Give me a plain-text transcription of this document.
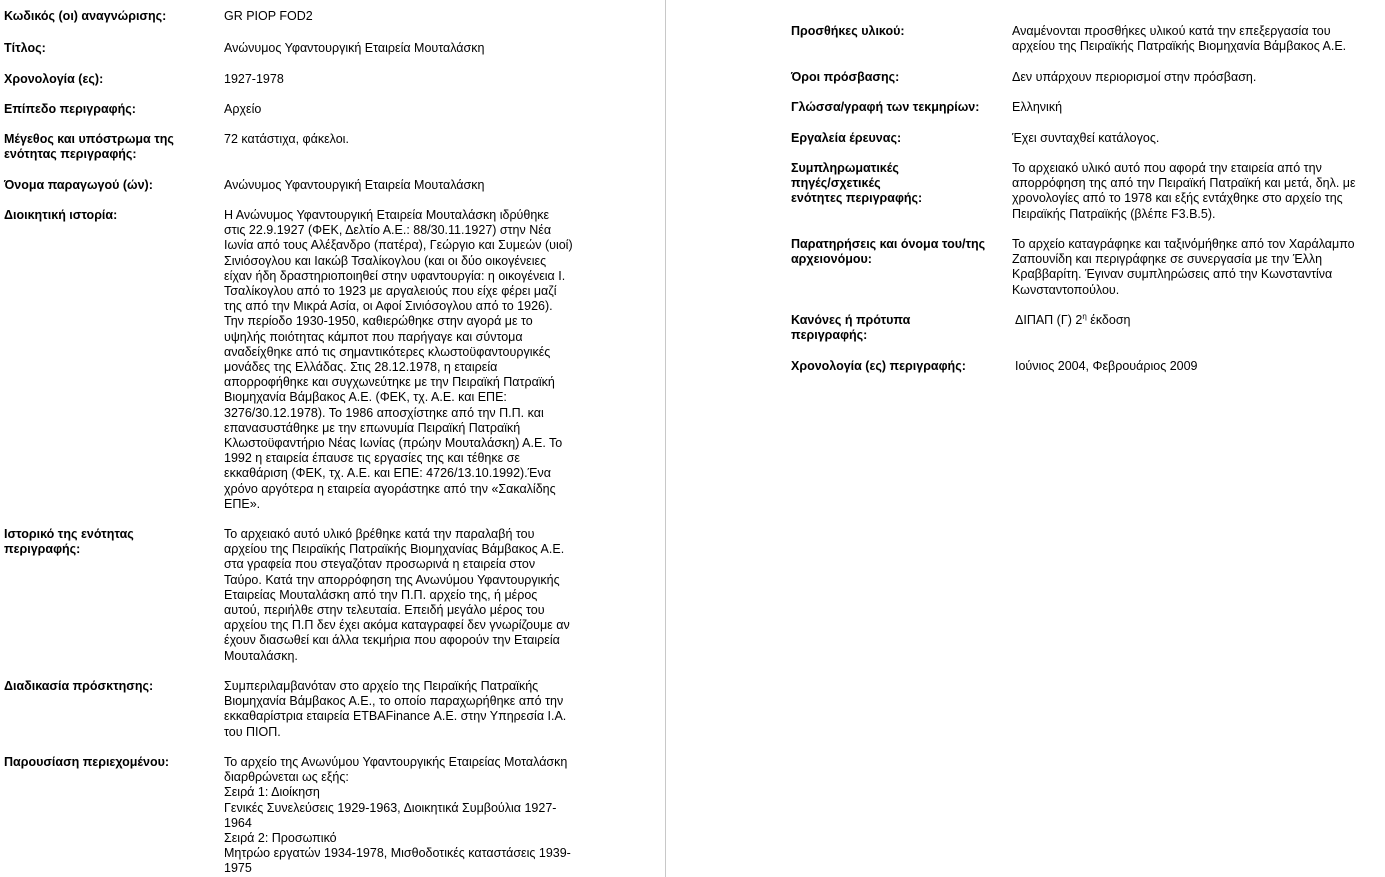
Κωδικός (οι) αναγνώρισης:	GR PIOP FOD2
Τίτλος:	Ανώνυμος Υφαντουργική Εταιρεία Μουταλάσκη
Χρονολογία (ες):	1927-1978
Επίπεδο περιγραφής:	Αρχείο
Μέγεθος και υπόστρωμα της
ενότητας περιγραφής:
72 κατάστιχα, φάκελοι.
Όνομα παραγωγού (ών):	Ανώνυμος Υφαντουργική Εταιρεία Μουταλάσκη
Διοικητική ιστορία:	Η Ανώνυμος Υφαντουργική Εταιρεία Μουταλάσκη ιδρύθηκε
στις 22.9.1927 (ΦΕΚ, Δελτίο Α.Ε.: 88/30.11.1927) στην Νέα
Ιωνία από τους Αλέξανδρο (πατέρα), Γεώργιο και Συμεών (υιοί)
Σινιόσογλου και Ιακώβ Τσαλίκογλου (και οι δύο οικογένειες
είχαν ήδη δραστηριοποιηθεί στην υφαντουργία: η οικογένεια Ι.
Τσαλίκογλου από το 1923 με αργαλειούς που είχε φέρει μαζί
της από την Μικρά Ασία, οι Αφοί Σινιόσογλου από το 1926).
Την περίοδο 1930-1950, καθιερώθηκε στην αγορά με το
υψηλής ποιότητας κάμποτ που παρήγαγε και σύντομα
αναδείχθηκε από τις σημαντικότερες κλωστοϋφαντουργικές
μονάδες της Ελλάδας. Στις 28.12.1978, η εταιρεία
απορροφήθηκε και συγχωνεύτηκε με την Πειραϊκή Πατραϊκή
Βιομηχανία Βάμβακος Α.Ε. (ΦΕΚ, τχ. Α.Ε. και ΕΠΕ:
3276/30.12.1978). Το 1986 αποσχίστηκε από την Π.Π. και
επανασυστάθηκε με την επωνυμία Πειραϊκή Πατραϊκή
Κλωστοϋφαντήριο Νέας Ιωνίας (πρώην Μουταλάσκη) Α.Ε. Το
1992 η εταιρεία έπαυσε τις εργασίες της και τέθηκε σε
εκκαθάριση (ΦΕΚ, τχ. Α.Ε. και ΕΠΕ: 4726/13.10.1992).Ένα
χρόνο αργότερα η εταιρεία αγοράστηκε από την «Σακαλίδης
ΕΠΕ».
Ιστορικό της ενότητας
περιγραφής:
Το αρχειακό αυτό υλικό βρέθηκε κατά την παραλαβή του
αρχείου της Πειραϊκής Πατραϊκής Βιομηχανίας Βάμβακος Α.Ε.
στα γραφεία που στεγαζόταν προσωρινά η εταιρεία στον
Ταύρο. Κατά την απορρόφηση της Ανωνύμου Υφαντουργικής
Εταιρείας Μουταλάσκη από την Π.Π. αρχείο της, ή μέρος
αυτού, περιήλθε στην τελευταία. Επειδή μεγάλο μέρος του
αρχείου της Π.Π δεν έχει ακόμα καταγραφεί δεν γνωρίζουμε αν
έχουν διασωθεί και άλλα τεκμήρια που αφορούν την Εταιρεία
Μουταλάσκη.
Διαδικασία πρόσκτησης:	Συμπεριλαμβανόταν στο αρχείο της Πειραϊκής Πατραϊκής
Βιομηχανία Βάμβακος Α.Ε., το οποίο παραχωρήθηκε από την
εκκαθαρίστρια εταιρεία ETBAFinance Α.Ε. στην Υπηρεσία Ι.Α.
του ΠΙΟΠ.
Παρουσίαση περιεχομένου:	Το αρχείο της Ανωνύμου Υφαντουργικής Εταιρείας Μοταλάσκη
διαρθρώνεται ως εξής:
Σειρά 1: Διοίκηση
Γενικές Συνελεύσεις 1929-1963, Διοικητικά Συμβούλια 1927-
1964
Σειρά 2: Προσωπικό
Μητρώο εργατών 1934-1978, Μισθοδοτικές καταστάσεις 1939-
1975
Προσθήκες υλικού:	Αναμένονται προσθήκες υλικού κατά την επεξεργασία του
αρχείου της Πειραϊκής Πατραϊκής Βιομηχανία Βάμβακος Α.Ε.
Όροι πρόσβασης:	Δεν υπάρχουν περιορισμοί στην πρόσβαση.
Γλώσσα/γραφή των τεκμηρίων:	Ελληνική
Εργαλεία έρευνας:	Έχει συνταχθεί κατάλογος.
Συμπληρωματικές
πηγές/σχετικές
ενότητες περιγραφής:
Το αρχειακό υλικό αυτό που αφορά την εταιρεία από την
απορρόφηση της από την Πειραϊκή Πατραϊκή και μετά, δηλ. με
χρονολογίες από το 1978 και εξής εντάχθηκε στο αρχείο της
Πειραϊκής Πατραϊκής (βλέπε F3.B.5).
Παρατηρήσεις και όνομα του/της
αρχειονόμου:
Το αρχείο καταγράφηκε και ταξινόμήθηκε από τον Χαράλαμπο
Ζαπουνίδη και περιγράφηκε σε συνεργασία με την Έλλη
Κραββαρίτη. Έγιναν συμπληρώσεις από την Κωνσταντίνα
Κωνσταντοπούλου.
Κανόνες ή πρότυπα
περιγραφής:
ΔΙΠΑΠ (Γ) $2^\eta$ έκδοση
Χρονολογία (ες) περιγραφής:	Ιούνιος 2004, Φεβρουάριος 2009
